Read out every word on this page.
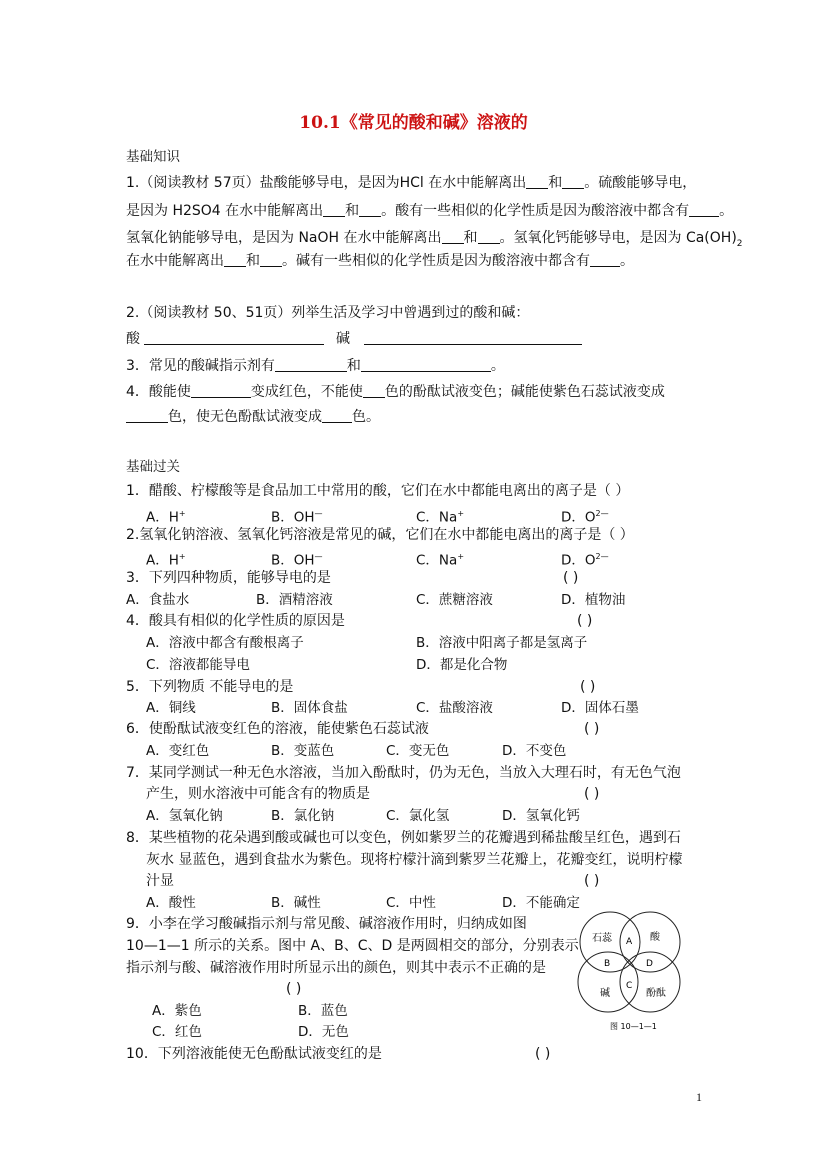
10.1《常见的酸和碱》溶液的
基础知识
1.（阅读教材 57页）盐酸能够导电，是因为HCl 在水中能解离出 和 。硫酸能够导电，
是因为 H2SO4 在水中能解离出 和 。酸有一些相似的化学性质是因为酸溶液中都含有 。
氢氧化钠能够导电，是因为 NaOH 在水中能解离出 和 。氢氧化钙能够导电，是因为 $Ca(OH)_2$
在水中能解离出 和 。碱有一些相似的化学性质是因为酸溶液中都含有 。
2.（阅读教材 50、51页）列举生活及学习中曾遇到过的酸和碱：
酸	碱
3．常见的酸碱指示剂有	和	。
4．酸能使	变成红色，不能使 色的酚酞试液变色；碱能使紫色石蕊试液变成
色，使无色酚酞试液变成 色。
基础过关
1．醋酸、柠檬酸等是食品加工中常用的酸，它们在水中都能电离出的离子是（ ）
A．H+	B．OH—	C．Na+	D．$O^{2—}$
2.氢氧化钠溶液、氢氧化钙溶液是常见的碱，它们在水中都能电离出的离子是（ ）
A．H+	B．OH—	C．Na+	D．$O^{2—}$
3．下列四种物质，能够导电的是	( )
A．食盐水	B．酒精溶液	C．蔗糖溶液	D．植物油
4．酸具有相似的化学性质的原因是	( )
A．溶液中都含有酸根离子	B．溶液中阳离子都是氢离子
C．溶液都能导电	D．都是化合物
5．下列物质 不能导电的是	( )
A．铜线	B．固体食盐	C．盐酸溶液	D．固体石墨
6．使酚酞试液变红色的溶液，能使紫色石蕊试液	( )
A．变红色	B．变蓝色	C．变无色	D．不变色
7．某同学测试一种无色水溶液，当加入酚酞时，仍为无色，当放入大理石时，有无色气泡
产生，则水溶液中可能含有的物质是	( )
A．氢氧化钠	B．氯化钠	C．氯化氢	D．氢氧化钙
8．某些植物的花朵遇到酸或碱也可以变色，例如紫罗兰的花瓣遇到稀盐酸呈红色，遇到石
灰水 显蓝色，遇到食盐水为紫色。现将柠檬汁滴到紫罗兰花瓣上，花瓣变红，说明柠檬
汁显	( )
A．酸性	B．碱性	C．中性	D．不能确定
9．小李在学习酸碱指示剂与常见酸、碱溶液作用时，归纳成如图
10—1—1 所示的关系。图中 A、B、C、D 是两圆相交的部分，分别表示
指示剂与酸、碱溶液作用时所显示出的颜色，则其中表示不正确的是
( )
A．紫色	B．蓝色
C．红色	D．无色
10．下列溶液能使无色酚酞试液变红的是	( )
石蕊	酸
碱	酚酞
A
B
C
D
图 10—1—1
1
